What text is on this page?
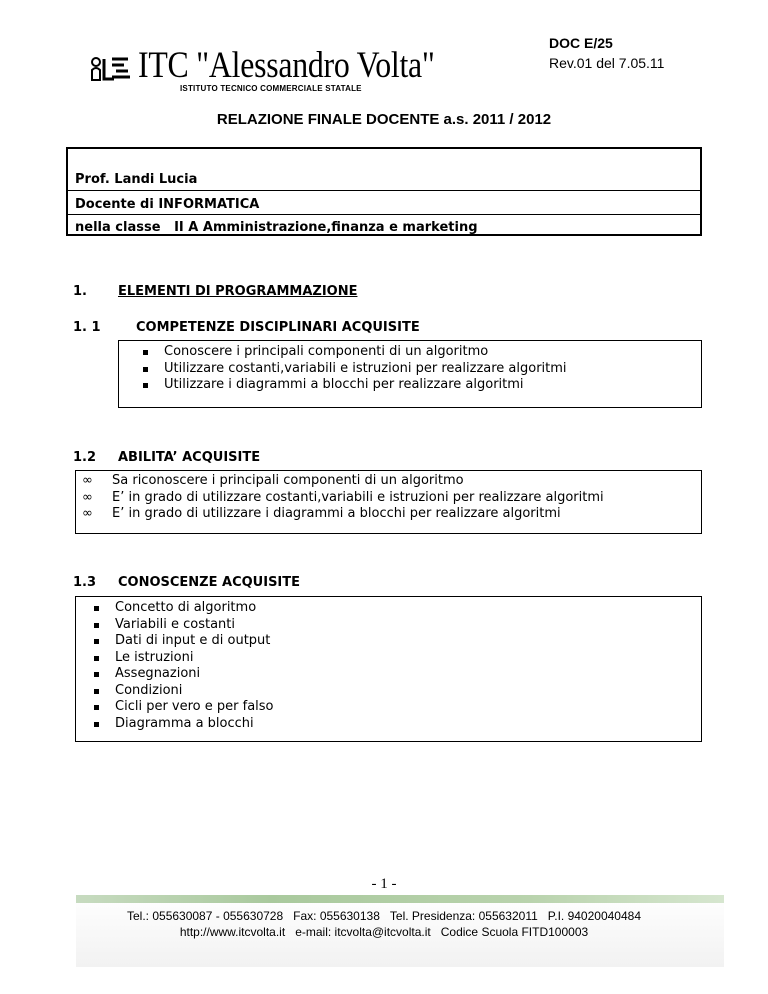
ITC "Alessandro Volta"
ISTITUTO TECNICO COMMERCIALE STATALE
DOC E/25
Rev.01 del 7.05.11
RELAZIONE FINALE DOCENTE a.s. 2011 / 2012
Prof. Landi Lucia
Docente di INFORMATICA
nella classe II A Amministrazione,finanza e marketing
1. ELEMENTI DI PROGRAMMAZIONE
1. 1	COMPETENZE DISCIPLINARI ACQUISITE
Conoscere i principali componenti di un algoritmo
Utilizzare costanti,variabili e istruzioni per realizzare algoritmi
Utilizzare i diagrammi a blocchi per realizzare algoritmi
1.2 ABILITA’ ACQUISITE
∞ Sa riconoscere i principali componenti di un algoritmo
∞ E’ in grado di utilizzare costanti,variabili e istruzioni per realizzare algoritmi
∞ E’ in grado di utilizzare i diagrammi a blocchi per realizzare algoritmi
1.3 CONOSCENZE ACQUISITE
Concetto di algoritmo
Variabili e costanti
Dati di input e di output
Le istruzioni
Assegnazioni
Condizioni
Cicli per vero e per falso
Diagramma a blocchi
- 1 -
Tel.: 055630087 - 055630728 Fax: 055630138 Tel. Presidenza: 055632011 P.I. 94020040484
http://www.itcvolta.it e-mail: itcvolta@itcvolta.it Codice Scuola FITD100003
